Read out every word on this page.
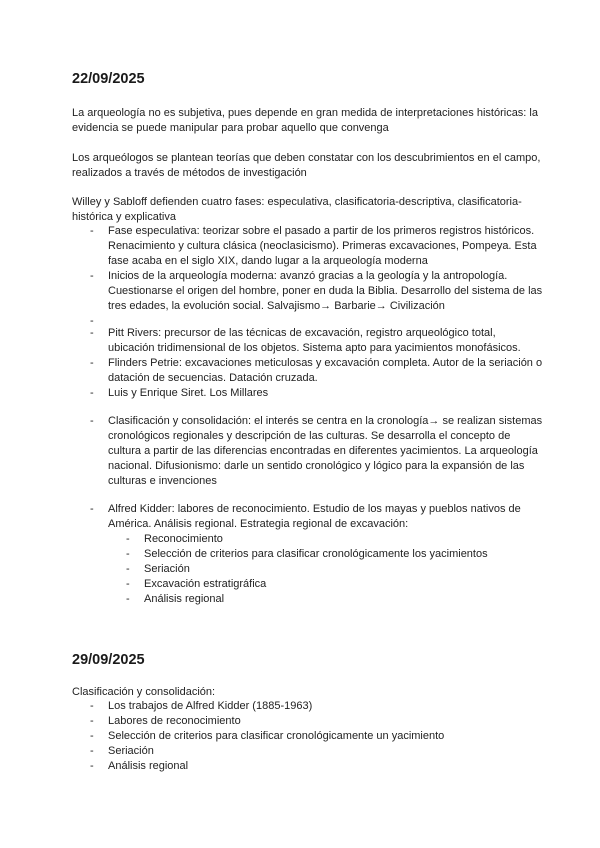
22/09/2025

La arqueología no es subjetiva, pues depende en gran medida de interpretaciones históricas: la evidencia se puede manipular para probar aquello que convenga

Los arqueólogos se plantean teorías que deben constatar con los descubrimientos en el campo, realizados a través de métodos de investigación

Willey y Sabloff defienden cuatro fases: especulativa, clasificatoria-descriptiva, clasificatoria-histórica y explicativa

- Fase especulativa: teorizar sobre el pasado a partir de los primeros registros históricos. Renacimiento y cultura clásica (neoclasicismo). Primeras excavaciones, Pompeya. Esta fase acaba en el siglo XIX, dando lugar a la arqueología moderna
- Inicios de la arqueología moderna: avanzó gracias a la geología y la antropología. Cuestionarse el origen del hombre, poner en duda la Biblia. Desarrollo del sistema de las tres edades, la evolución social. Salvajismo→ Barbarie→ Civilización
-
- Pitt Rivers: precursor de las técnicas de excavación, registro arqueológico total, ubicación tridimensional de los objetos. Sistema apto para yacimientos monofásicos.
- Flinders Petrie: excavaciones meticulosas y excavación completa. Autor de la seriación o datación de secuencias. Datación cruzada.
- Luis y Enrique Siret. Los Millares
- Clasificación y consolidación: el interés se centra en la cronología→ se realizan sistemas cronológicos regionales y descripción de las culturas. Se desarrolla el concepto de cultura a partir de las diferencias encontradas en diferentes yacimientos. La arqueología nacional. Difusionismo: darle un sentido cronológico y lógico para la expansión de las culturas e invenciones
- Alfred Kidder: labores de reconocimiento. Estudio de los mayas y pueblos nativos de América. Análisis regional. Estrategia regional de excavación:
- Reconocimiento
- Selección de criterios para clasificar cronológicamente los yacimientos
- Seriación
- Excavación estratigráfica
- Análisis regional
29/09/2025

Clasificación y consolidación:

- Los trabajos de Alfred Kidder (1885-1963)
- Labores de reconocimiento
- Selección de criterios para clasificar cronológicamente un yacimiento
- Seriación
- Análisis regional
